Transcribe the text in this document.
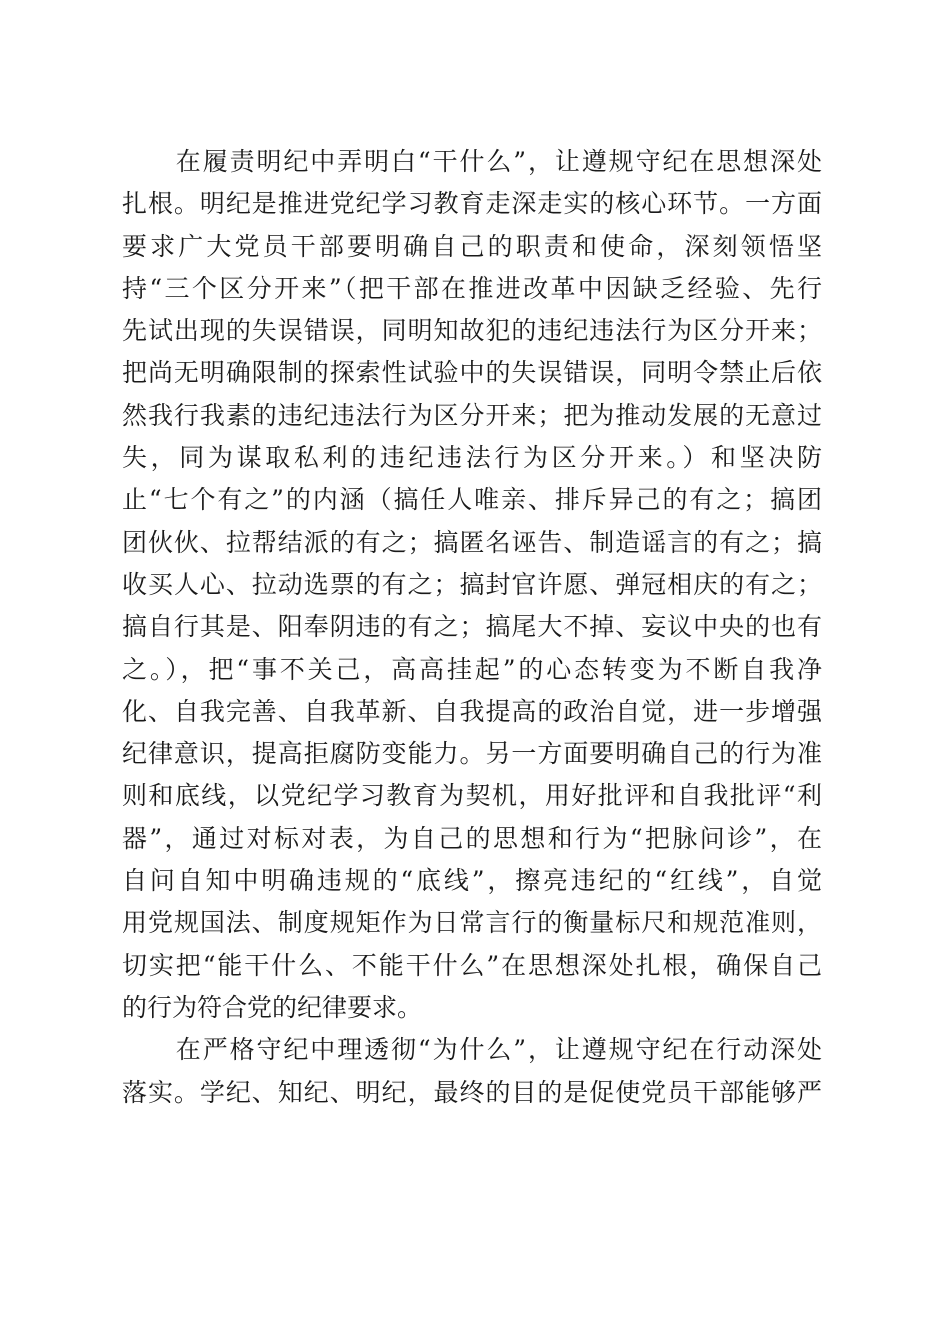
　　在履责明纪中弄明白“干什么”，让遵规守纪在思想深处
扎根。明纪是推进党纪学习教育走深走实的核心环节。一方面
要求广大党员干部要明确自己的职责和使命，深刻领悟坚
持“三个区分开来”（把干部在推进改革中因缺乏经验、先行
先试出现的失误错误，同明知故犯的违纪违法行为区分开来；
把尚无明确限制的探索性试验中的失误错误，同明令禁止后依
然我行我素的违纪违法行为区分开来；把为推动发展的无意过
失，同为谋取私利的违纪违法行为区分开来。）和坚决防
止“七个有之”的内涵（搞任人唯亲、排斥异己的有之；搞团
团伙伙、拉帮结派的有之；搞匿名诬告、制造谣言的有之；搞
收买人心、拉动选票的有之；搞封官许愿、弹冠相庆的有之；
搞自行其是、阳奉阴违的有之；搞尾大不掉、妄议中央的也有
之。），把“事不关己，高高挂起”的心态转变为不断自我净
化、自我完善、自我革新、自我提高的政治自觉，进一步增强
纪律意识，提高拒腐防变能力。另一方面要明确自己的行为准
则和底线，以党纪学习教育为契机，用好批评和自我批评“利
器”，通过对标对表，为自己的思想和行为“把脉问诊”，在
自问自知中明确违规的“底线”，擦亮违纪的“红线”，自觉
用党规国法、制度规矩作为日常言行的衡量标尺和规范准则，
切实把“能干什么、不能干什么”在思想深处扎根，确保自己
的行为符合党的纪律要求。
　　在严格守纪中理透彻“为什么”，让遵规守纪在行动深处
落实。学纪、知纪、明纪，最终的目的是促使党员干部能够严
